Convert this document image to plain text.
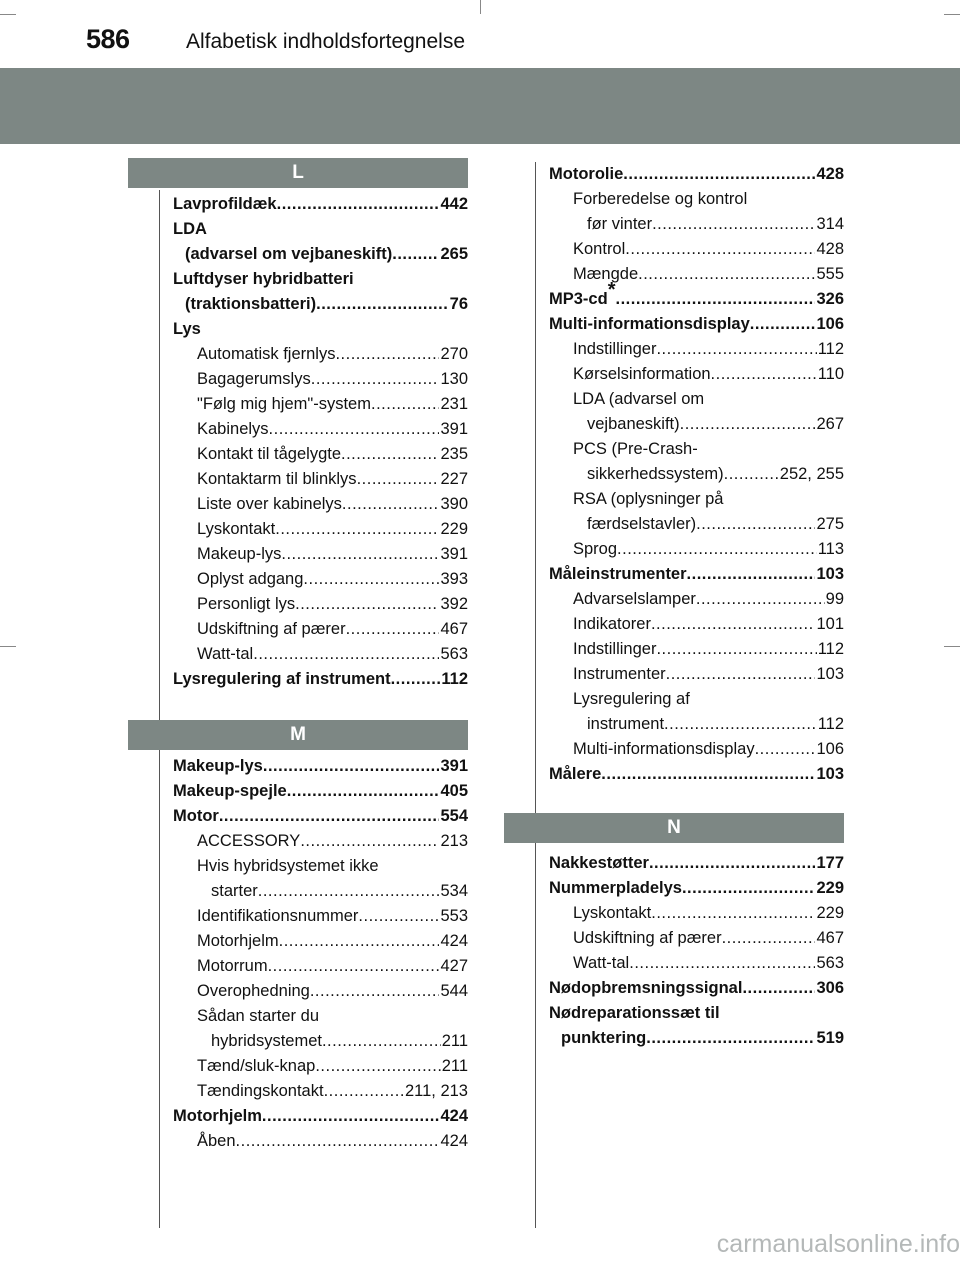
586	Alfabetisk indholdsfortegnelse
L
Lavprofildæk .....	442
LDA
(advarsel om vejbaneskift) .....	265
Luftdyser hybridbatteri
(traktionsbatteri) .....	76
Lys
Automatisk fjernlys .....	270
Bagagerumslys .....	130
"Følg mig hjem"-system .....	231
Kabinelys .....	391
Kontakt til tågelygte .....	235
Kontaktarm til blinklys .....	227
Liste over kabinelys .....	390
Lyskontakt .....	229
Makeup-lys .....	391
Oplyst adgang .....	393
Personligt lys .....	392
Udskiftning af pærer .....	467
Watt-tal .....	563
Lysregulering af instrument .....	112
M
Makeup-lys .....	391
Makeup-spejle .....	405
Motor .....	554
ACCESSORY .....	213
Hvis hybridsystemet ikke
starter .....	534
Identifikationsnummer .....	553
Motorhjelm .....	424
Motorrum .....	427
Overophedning .....	544
Sådan starter du
hybridsystemet .....	211
Tænd/sluk-knap .....	211
Tændingskontakt .....	211, 213
Motorhjelm .....	424
Åben .....	424
Motorolie .....	428
Forberedelse og kontrol
før vinter .....	314
Kontrol .....	428
Mængde .....	555
MP3-cd* .....	326
Multi-informationsdisplay .....	106
Indstillinger .....	112
Kørselsinformation .....	110
LDA (advarsel om
vejbaneskift) .....	267
PCS (Pre-Crash-
sikkerhedssystem) .....	252, 255
RSA (oplysninger på
færdselstavler) .....	275
Sprog .....	113
Måleinstrumenter .....	103
Advarselslamper .....	99
Indikatorer .....	101
Indstillinger .....	112
Instrumenter .....	103
Lysregulering af
instrument .....	112
Multi-informationsdisplay .....	106
Målere .....	103
N
Nakkestøtter .....	177
Nummerpladelys .....	229
Lyskontakt .....	229
Udskiftning af pærer .....	467
Watt-tal .....	563
Nødopbremsningssignal .....	306
Nødreparationssæt til
punktering .....	519
carmanualsonline.info
